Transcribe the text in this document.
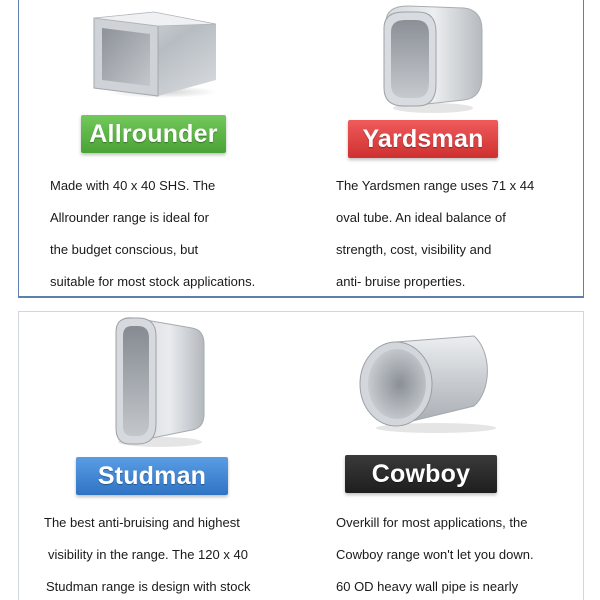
Allrounder
Made with 40 x 40 SHS. The
Allrounder range is ideal for
the budget conscious, but
suitable for most stock applications.
Yardsman
The Yardsmen range uses 71 x 44
oval tube. An ideal balance of
strength, cost, visibility and
anti- bruise properties.
Studman
The best anti-bruising and highest
visibility in the range. The 120 x 40
Studman range is design with stock
Cowboy
Overkill for most applications, the
Cowboy range won't let you down.
60 OD heavy wall pipe is nearly
